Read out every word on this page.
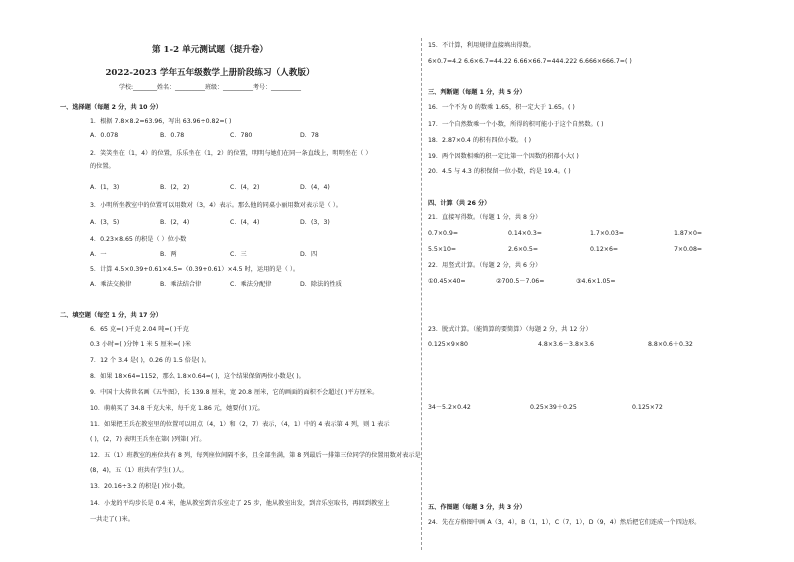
第 1-2 单元测试题（提升卷）
2022-2023 学年五年级数学上册阶段练习（人教版）
学校:________姓名：__________班级：__________考号：__________
一、选择题（每题 2 分，共 10 分）
1．根据 7.8×8.2=63.96，写出 63.96÷0.82=( )
A．0.078	B．0.78	C．780	D．78
2．笑笑坐在（1，4）的位置，乐乐坐在（1，2）的位置，明明与她们在同一条直线上，明明坐在（ ）
的位置。
A．(1，3)	B．(2，2)	C．(4，2)	D．(4，4)
3．小明所坐教室中的位置可以用数对（3，4）表示。那么他的同桌小丽用数对表示是（ ）。
A．(3，5)	B．(2，4)	C．(4，4)	D．(3，3)
4．0.23×8.65 的积是（ ）位小数
A．一	B．两	C．三	D．四
5．计算 4.5×0.39+0.61×4.5=（0.39+0.61）×4.5 时，运用的是（ ）。
A．乘法交换律	B．乘法结合律	C．乘法分配律	D．除法的性质
二、填空题（每空 1 分，共 17 分）
6．65 克=( )千克 2.04 吨=( )千克
0.3 小时=( )分钟 1 米 5 厘米=( )米
7．12 个 3.4 是( )，0.26 的 1.5 倍是( )。
8．如果 18×64=1152，那么 1.8×0.64=( )，这个结果保留两位小数是( )。
9．中国十大传世名画《五牛图》，长 139.8 厘米，宽 20.8 厘米，它的画面的面积不会超过( )平方厘米。
10．萌萌买了 34.8 千克大米，每千克 1.86 元，她要付( )元。
11．如果把王兵在教室里的位置可以用点（4，1）和（2，7）表示，（4，1）中的 4 表示第 4 列，则 1 表示
( )，(2，7) 表明王兵坐在第( )列第( )行。
12．五（1）班教室的座位共有 8 列，每列座位间隔不多，且全部坐满，第 8 列最后一排第三位同学的位置用数对表示是
(8，4)，五（1）班共有学生( )人。
13．20.16÷3.2 的积是( )位小数。
14．小龙的平均步长是 0.4 米，他从教室到音乐室走了 25 步，他从教室出发，到音乐室取书，再回到教室上
一共走了( )米。
15．不计算，利用规律直接填出得数。
6×0.7=4.2 6.6×6.7=44.22 6.66×66.7=444.222 6.666×666.7=( )
三、判断题（每题 1 分，共 5 分）
16．一个不为 0 的数乘 1.65，积一定大于 1.65。( )
17．一个自然数乘一个小数，所得的积可能小于这个自然数。( )
18．2.87×0.4 的积有四位小数。 ( )
19．两个因数相乘的积一定比第一个因数的积都小大( )
20．4.5 与 4.3 的积保留一位小数，约是 19.4。( )
四、计算（共 26 分）
21．直接写得数。（每题 1 分，共 8 分）
0.7×0.9=	0.14×0.3=	1.7×0.03=	1.87×0=
5.5×10=	2.6×0.5=	0.12×6=	7×0.08=
22．用竖式计算。（每题 2 分，共 6 分）
①0.45×40=	②700.5－7.06=	③4.6×1.05=
23．脱式计算。（能简算的要简算）（每题 2 分，共 12 分）
0.125×9×80	4.8×3.6－3.8×3.6	8.8×0.6＋0.32
34－5.2×0.42	0.25×39＋0.25	0.125×72
五、作图题（每题 3 分，共 3 分）
24．先在方格图中画 A（3，4），B（1，1），C（7，1），D（9，4）然后把它们连成一个四边形。
